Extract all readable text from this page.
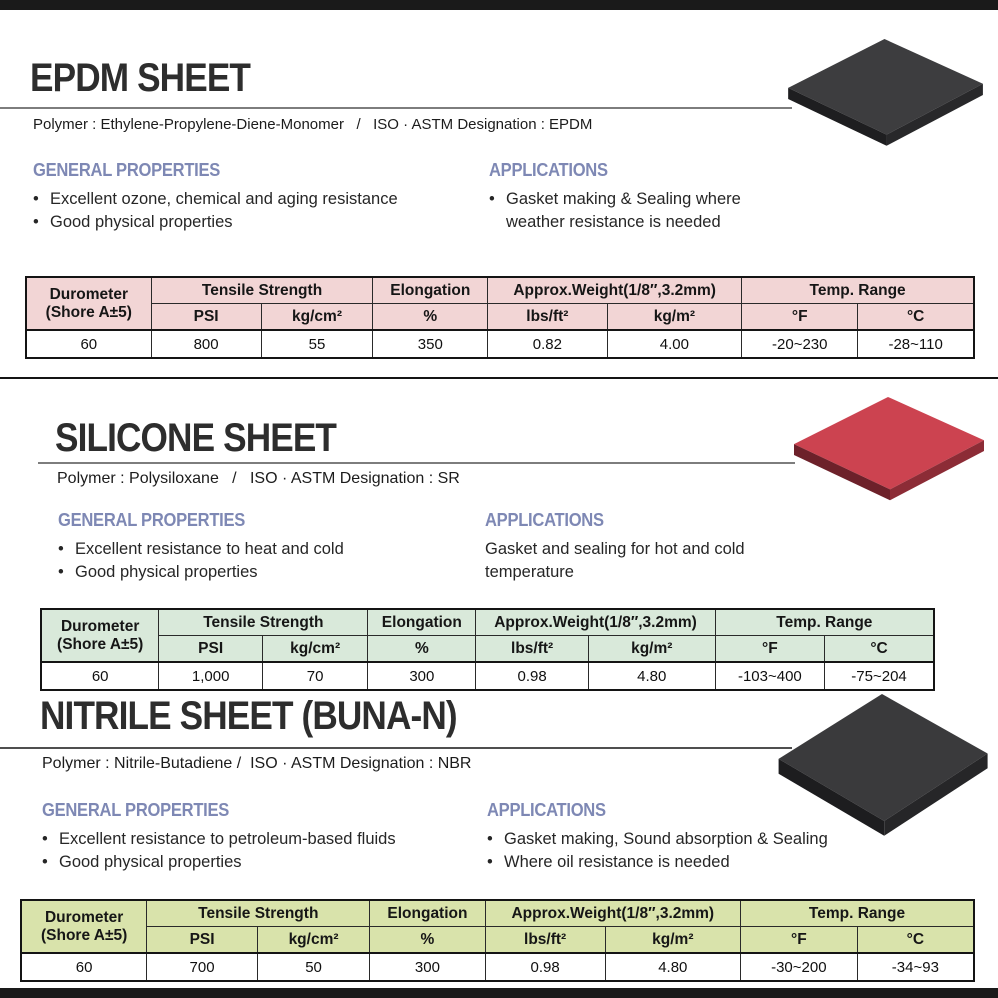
EPDM SHEET
Polymer : Ethylene-Propylene-Diene-Monomer   /   ISO · ASTM Designation : EPDM
GENERAL PROPERTIES
• Excellent ozone, chemical and aging resistance
• Good physical properties
APPLICATIONS
• Gasket making & Sealing where weather resistance is needed
Durometer
(Shore A±5)	Tensile Strength		Elongation	Approx.Weight(1/8″,3.2mm)		Temp. Range	
	PSI	kg/cm²	%	lbs/ft²	kg/m²	°F	°C
60	800	55	350	0.82	4.00	-20~230	-28~110
SILICONE SHEET
Polymer : Polysiloxane   /   ISO · ASTM Designation : SR
GENERAL PROPERTIES
• Excellent resistance to heat and cold
• Good physical properties
APPLICATIONS
Gasket and sealing for hot and cold temperature
Durometer
(Shore A±5)	Tensile Strength		Elongation	Approx.Weight(1/8″,3.2mm)		Temp. Range	
	PSI	kg/cm²	%	lbs/ft²	kg/m²	°F	°C
60	1,000	70	300	0.98	4.80	-103~400	-75~204
NITRILE SHEET (BUNA-N)
Polymer : Nitrile-Butadiene /  ISO · ASTM Designation : NBR
GENERAL PROPERTIES
• Excellent resistance to petroleum-based fluids
• Good physical properties
APPLICATIONS
• Gasket making, Sound absorption & Sealing
• Where oil resistance is needed
Durometer
(Shore A±5)	Tensile Strength		Elongation	Approx.Weight(1/8″,3.2mm)		Temp. Range	
	PSI	kg/cm²	%	lbs/ft²	kg/m²	°F	°C
60	700	50	300	0.98	4.80	-30~200	-34~93
